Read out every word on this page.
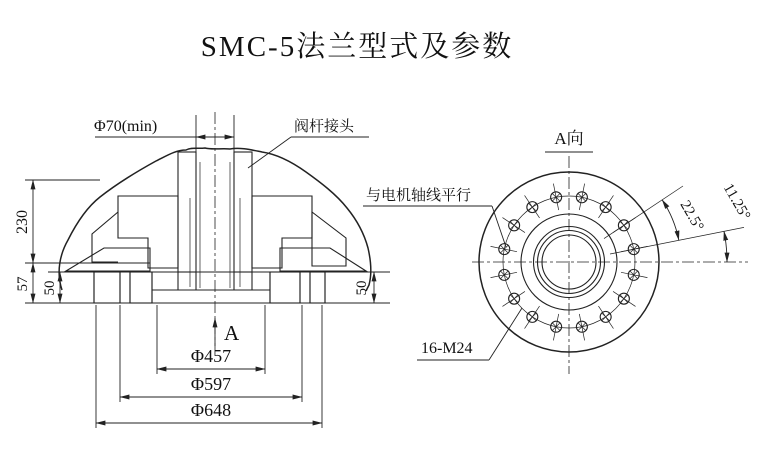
SMC-5法兰型式及参数
Φ70(min)	阀杆接头
230
57 50	50
A
Φ457
Φ597
Φ648
A向
与电机轴线平行
16-M24
22.5° 11.25°
